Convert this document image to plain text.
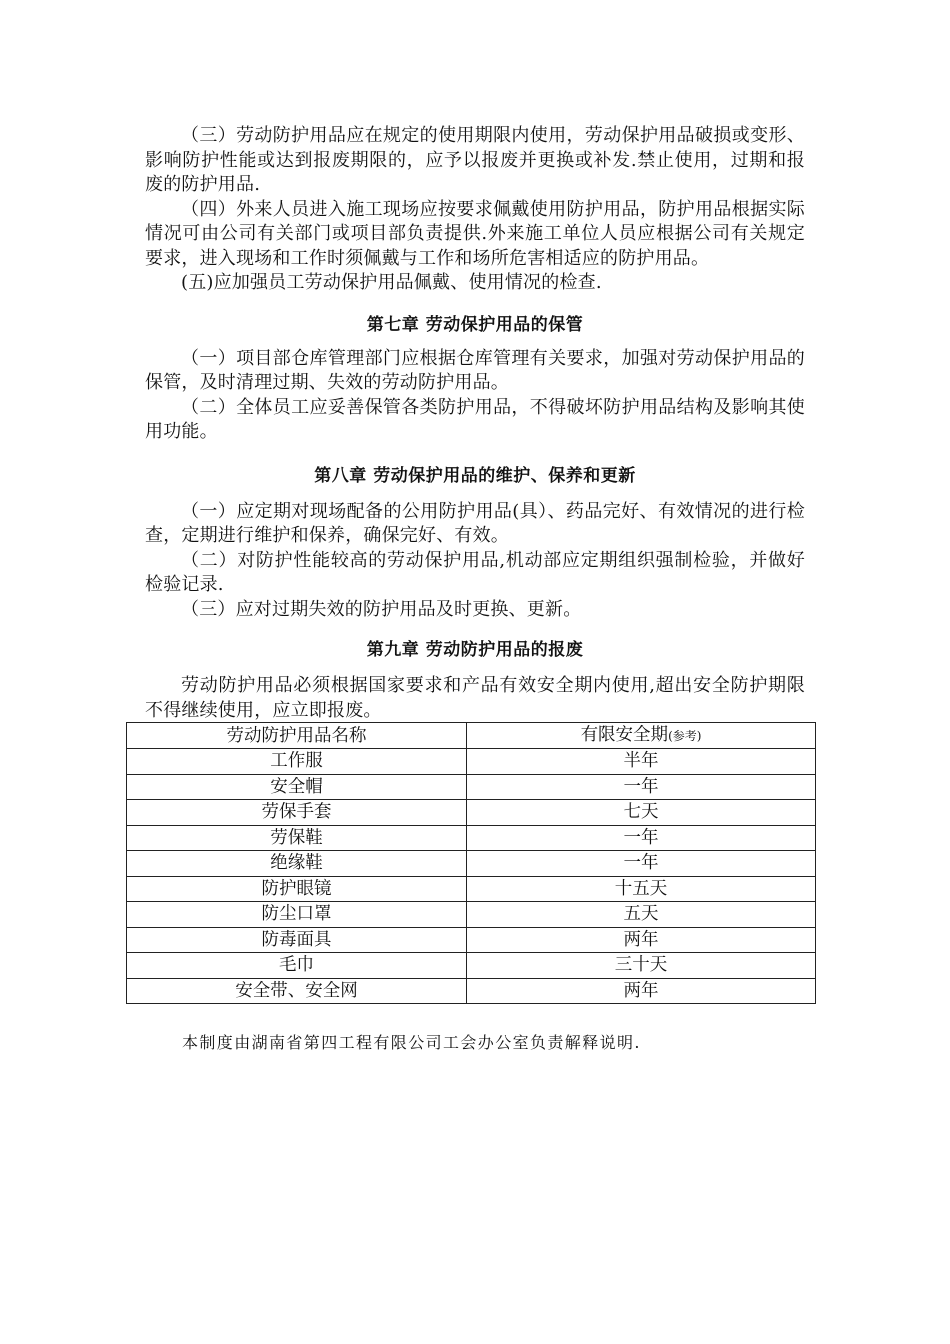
（三）劳动防护用品应在规定的使用期限内使用，劳动保护用品破损或变形、影响防护性能或达到报废期限的，应予以报废并更换或补发.禁止使用，过期和报废的防护用品.

（四）外来人员进入施工现场应按要求佩戴使用防护用品，防护用品根据实际情况可由公司有关部门或项目部负责提供.外来施工单位人员应根据公司有关规定要求，进入现场和工作时须佩戴与工作和场所危害相适应的防护用品。

(五)应加强员工劳动保护用品佩戴、使用情况的检查.

第七章 劳动保护用品的保管

（一）项目部仓库管理部门应根据仓库管理有关要求，加强对劳动保护用品的保管，及时清理过期、失效的劳动防护用品。

（二）全体员工应妥善保管各类防护用品，不得破坏防护用品结构及影响其使用功能。

第八章 劳动保护用品的维护、保养和更新

（一）应定期对现场配备的公用防护用品(具）、药品完好、有效情况的进行检查，定期进行维护和保养，确保完好、有效。

（二）对防护性能较高的劳动保护用品,机动部应定期组织强制检验，并做好检验记录.

（三）应对过期失效的防护用品及时更换、更新。

第九章 劳动防护用品的报废

劳动防护用品必须根据国家要求和产品有效安全期内使用,超出安全防护期限不得继续使用，应立即报废。

劳动防护用品名称	有限安全期(参考)
工作服	半年
安全帽	一年
劳保手套	七天
劳保鞋	一年
绝缘鞋	一年
防护眼镜	十五天
防尘口罩	五天
防毒面具	两年
毛巾	三十天
安全带、安全网	两年

本制度由湖南省第四工程有限公司工会办公室负责解释说明.
